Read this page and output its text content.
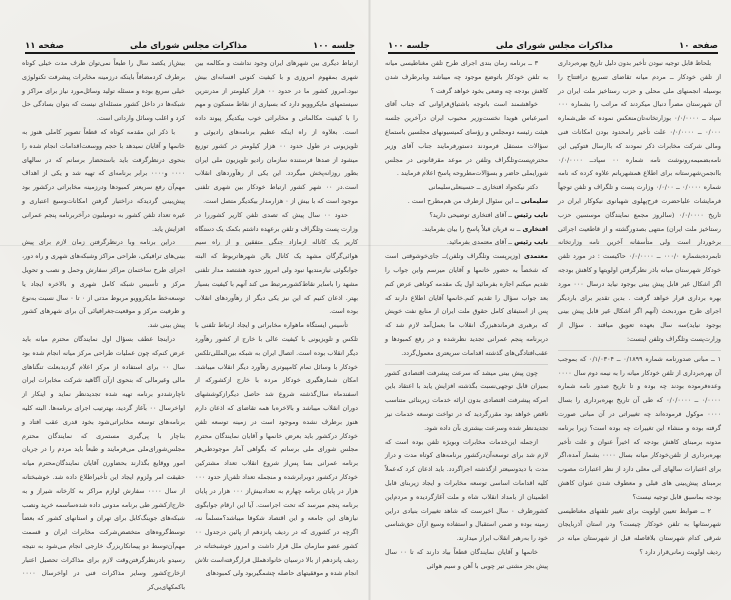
صفحه ۱۱	مذاکرات مجلس شورای ملی	جلسه ۱۰۰

ارتباط دیگری بین شهرهای ایران وجود نداشت و مکالمه بین شهری بمفهوم امروزی و با کیفیت کنونی افسانه‌ای بیش نبود.امروز کشور ما در حدود ۰۰ هزار کیلومتر از مدرنترین سیستمهای مایکروویو دارد که بسیاری از نقاط مسکون و مهم را با کیفیت مکالماتی و مخابراتی خوب بیکدیگر پیوند داده است. بعلاوه از راه اینکه عظیم برنامه‌های رادیوئی و تلویزیونی در طول حدود ۰۰ هزار کیلومتر در کشور توزیع میشود از صدها فرستنده سازمان رادیو تلویزیون ملی ایران بطور روزانه‌پخش میگردد. این یکی از رهآوردهای انقلاب است.در ۰۰ شهر کشور ارتباط خودکار بین شهری تلفنی موجود است که با بیش از ۰ هزارمدار بیکدیگر متصل است.

حدود ۰۰ سال پیش که تصدی تلفن کاریر کشوررا در وزارت پست وتلگراف و تلفن برعهده داشتم بکمک یک دستگاه کاریر یک کاناله ازمازاد جنگی متفقین و از راه سیم هوائی‌گرگان مشهد یک کانال بالن شهرهاتربوط که البته جوابگوئی نیازمندیها نبود ولی امروز حدود هشتصد مدار تلفنی مشهد را باسایر نقاط‌کشورمرتبط می کند آنهم با کیفیت بسیار بهتر. اذعان کنیم که این نیز یکی دیگر از رهآوردهای انقلاب بوده است.

تأسیس ایستگاه ماهواره مخابراتی و ایجاد ارتباط تلفنی با تلکس و تلویزیونی با کیفیت عالی با خارج از کشور رهآورد دیگر انقلاب بوده است. اتصال ایران به شبکه بین‌المللی‌تلکس خودکار با وسائل تمام کامپیوتری رهآورد دیگر انقلاب میباشد. امکان شمارهگیری خودکار مرده با خارج ازکشورکه از اسفندماه سال‌گذشته شروع شد حاصل دیگرازکوششهای دوران انقلاب میباشد و بالاخره‌با همه تقاضای که اذعان دارم هنوز برطرف نشده وموجود است در زمینه توسعه تلفن خودکار درکشور باید بعرض خانمها و آقایان نمایندگان محترم مجلس شورای ملی برسانم که بگواهی آمار موجودطی‌هر برنامه عمرانی بسا پس‌از شروع انقلاب تعداد مشترکین خودکار درکشور دوبرابرشده و منجمله تعداد تلفن‌از حدود ۰۰۰ هزار در پایان برنامه چهارم به تعدادبیش‌از ۰۰۰ هزار در پایان برنامه پنجم میرسد که تحت اجراست. آیا این ارقام جوابگوی نیازهای این جامعه و این اقتصاد شکوفا میباشد؟مسلماً نه، اگرچه در کشوری که در ردیف پانزدهم از پائین درجدول ۰۰ کشور عضو سازمان ملل قرار داشت و امروز خوشبختانه در ردیف پانزدهم از بالا درسیان خانوادهملل قرارگرفته‌است تلاش انجام شده و موفقیتهای حاصله چشمگیربود ولی کمبودهای

بیش‌از یکصد سال را طبعاً نمی‌توان ظرف مدت خیلی کوتاه برطرف کردمضافاً باینکه درزمینه مخابرات پیشرفت تکنولوژی خیلی سریع بوده و مسئله تولید وسائل‌مورد نیاز برای مراکز و شبکه‌ها در داخل کشور مسئله‌ای نیست که بتوان بسادگی حل کرد و اغلب وسائل وارداتی است.

با ذکر این مقدمه کوتاه که قطعاً تصویر کاملی هنوز به خانمها و آقایان نمیدهد با حجم ووسعت‌اقدامات انجام شده را بنحوی درنظرگرفت باید باستحضار برسانم که در سالهای ۰۰۰۰ و۰۰۰۰ برابر برنامه‌ای که تهیه شد و یکی از اهداف مهم‌آن رفع سریعتر کمبودها ودرزمینه مخابراتی درکشور بود پیش‌بینی گردیدکه دراختیار گرفتن امکانات‌وسیع اعتباری و غیره تعداد تلفن کشور به دومیلیون درآخربرنامه پنجم عمرانی افزایش یابد.

دراین برنامه وبا درنظرگرفتن زمان لازم برای پیش بینی‌های ترافیکی، طراحی مراکز وشبکه‌های شهری و راه دور، اجرای طرح ساختمان مراکز سفارش وحمل و نصب و تحویل مرکز و تأسیس شبکه کامل شهری و بالاخره ایجاد یا توسعه‌خط مایکروویو مربوط مدتی از ۰ تا ۰ سال نسبت به‌نوع و ظرفیت مرکز و موقعیت‌جغرافیائی آن برای شهرهای کشور پیش بینی شد.

دراینجا عطف بسؤال اول نمایندگان محترم میانه باید عرض کنم‌که چون عملیات طراحی مرکز میانه انجام شده بود سال ۰۰ برای استفاده از مرکز اعلام گردید‌بعلت تنگناهای مالی وغیرمالی که بنحوی ازآن آگاهید شرکت مخابرات ایران ناچارشد‌دو برنامه تهیه شده تجدیدنظر نماید و اینکار از اواخرسال ۰۰ بآغاز گردید، بهترتیب اجرای برنامه‌ها. البته کلیه برنامه‌های توسعه مخابراتی‌شود بخود قدری عقب افتاد و بناچار با پی‌گیری مستمری که نمایندگان محترم مجلس‌شورای‌ملی می‌فرمایند و طبعاً باید مردم را در جریان امور ووقایع بگذارند بحضاورن آقایان نمایندگان‌محترم میانه حقیقت امر ولزوم ایجاد این تأخیراطلاع داده شد. خوشبختانه از سال ۰۰۰۰ سفارش لوازم مراکز به کارخانه شیراز و به خارج‌ازکشور طی برنامه مدونی داده شده‌ساسمه خرید ونصب شبکه‌های جوینگ‌کابل برای تهران و استانهای کشور که بعضاً توسط‌گروه‌های متخصص‌شرکت مخابرات ایران و قسمت مهم‌آن‌توسط دو پیمانکاربزرگ خارجی انجام می‌شود به نتیجه رسیدو بادرنظرگرفتن‌وقت لازم برای مذاکرات تحصیل اعتبار ازخارج‌کشور وسایر مذاکرات فنی در اواخرسال ۰۰۰۰ باکمکهای‌بی‌کر

جلسه ۱۰۰	مذاکرات مجلس شورای ملی	صفحه ۱۰

بلحاظ قابل توجیه نبودن تأخیر بدون دلیل تاریخ بهره‌برداری از تلفن خودکار ــ مردم میانه تقاضای تسریع درافتتاح را بوسیله انجمنهای ملی محلی و حزب رستاخیز ملت ایران در آن شهرستان مصراً دنبال میکردند که مراتب را بشماره ۰۰۰ سپاد ــ ۰/۰/۰۰۰۰ بوزارتخانه‌تان‌منعکس نموده که طی‌شماره ۰/۰۰۰ ــ ۰/۰/۰۰۰۰ علت تأخیر رامحدود بودن امکانات فنی ومالی شرکت مخابرات ذکر نمودند که باارسال فتوکپی این نامه‌بضمیمه‌رونوشت نامه شماره ۰۰ سپاد‌ــ ۰/۰/۰۰۰۰ باانجمن‌شهرستانه برای اطلاع همشهریانم علاوه کرده که نامه شماره ۰/۰۰۰۰ ــ ۰/۰/۰۰ وزارت پست و تلگراف و تلفن توجهاً فرمایشات علیاحضرت فرح‌پهلوی شهبانوی نیکوکار ایران در تاریخ ۰/۰/۰۰۰۰ (سالروز مجمع نمایندگان موسسین حزب رستاخیز ملت ایران) منتهی بصدورگشته و از قاطعیت اجرائی برخوردار است ولی متأسفانه آخرین نامه وزارتخانه تابمرده‌بشماره ۰۰۰/۰ ــ ۰/۰/۰۰۰۰ حاکیست : در مورد تلفن خودکار شهرستان میانه باذر نظرگرفتن اولویتها و کاهش بودجه اگر اشکال غیر قابل پیش بینی بوجود نیاید درسال ۰۰۰ مورد بهره برداری قرار خواهد گرفت . بدین تقدیر برای باردیگر اجرای طرح موردبحث (آنهم اگر اشکال غیر قابل پیش بینی بوجود نیاید)سه سال بعهده تعویق میافتد . سؤال از وزارت‌پست وتلگراف وتلفن اینست:

۱ ــ مبانی صدورنامه شماره ۰/۱۸۹۹ ــ ۰/۱/۰۳۰۴ که بموجب آن بهره‌برداری از تلفن خودکار میانه را به نیمه دوم سال ۰۰۰۰ وعده‌فرموده بودند چه بوده و تا تاریخ صدور نامه شماره ۰/۰۰۰۰ ــ ۰/۰/۰۰۰۰ که طی آن تاریخ بهره‌برداری را بسال ۰۰۰۰ موکول فرموده‌اند چه تغییراتی در آن مبانی صورت گرفته بوده و منشاء این تغییرات چه بوده است؟ زیرا برنامه مدونه برمبنای کاهش بودجه که اخیراً عنوان و علت تأخیر بهره‌برداری از تلفن‌خودکار میانه بسال ۰۰۰۰ بشمار آمده،اگر برای اعتبارات سالهای آتی معلی دارد از نظر اعتبارات مصوب برمبنای پیش‌بینی های قبلی و معطوف شدن عنوان کاهش بودجه بماسبق قابل توجیه نیست؟

۲ ــ ضوابط تعیین اولویت برای تغییر تلفنهای مغناطیسی شهرستانها به تلفن خودکار چیست؟ ودر استان آذربایجان شرقی کدام شهرستان بلافاصله قبل از شهرستان میانه در ردیف اولویت زمانی‌قرار دارد ؟

۳ ــ برنامه زمان بندی اجرای طرح تلفن مغناطیسی میانه به تلفن خودکار باتوضع موجود چه میباشد وبابرطرف شدن کاهش بودجه چه وضعی بخود خواهد گرفت ؟

خواهشمند است باتوجه باشتیاق‌فراوانی که جناب آقای امیرعباس هویدا نخست‌وزیر محبوب ایران درآخرین جلسه هیئت رئیسه دومجلس و رؤسای کمیسیونهای مجلسین باستماع سؤالات مستقل فرمودند دستورفرمایند جناب آقای وزیر محترم‌پست‌وتلگراف وتلفن در موعد مقرقانونی در مجلس شورایملی حاضر و بسؤالات‌مطروحه پاسخ اعلام فرمایند .

دکتر نیکجواد افتخاری ــ حسینعلی‌سلیمانی

سلیمانی ــ این سئوال ازطرف من هم‌مطرح است .

نایب رئیس ــ آقای افتخاری توضیحی دارید؟

افتخاری ــ نه قربان قبلاً پاسخ را بیان بفرمایند.

نایب رئیس ــ آقای معتمدی بفرمائید.

معتمدی (وزیرپست وتلگراف وتلفن)ــ جای‌خوشوقتی است که شخصاً به حضور خانمها و آقایان میرسم واین جواب را تقدیم میکنم اجازه بفرمائید اول یک مقدمه کوتاهی عرض کنم بعد جواب سؤال را تقدیم کنم.خانمها آقایان اطلاع دارند که پس از استیفای کامل حقوق ملت ایران از منابع نفت خویش که برهبری فرماندهبزرگ انقلاب ما بعمل‌آمد لازم شد که دربرنامه پنجم عمرانی تجدید نظرشده و در رفع کمبودها و عقب‌افتادگی‌های گذشته اقدامات سریعتری معمول‌گردد.

چون پیش بینی میشد که سرعت پیشرفت اقتصادی کشور بمیزان قابل توجهی‌نسبت بگذشته افزایش یابد با اعتقاد باین امرکه پیشرفت اقتصادی بدون ارائه خدمات زیربنائی متناسب ناقص خواهد بود مقررگردید که در تواخت توسعه خدمات نیز تجدیدنظر شده وسرعت بیشتری بآن داده شود.

ازجمله این‌خدمات مخابرات وبویژه تلفن بوده است که لازم شد برای توسعه‌آن‌درکشور برنامه‌های کوتاه مدت و دراز مدت با دیدوسیعتر ازگذشته اجراگردد. باید اذعان کرد که‌عملاً کلیه اقدامات اساسی توسعه مخابرات و ایجاد زیربنای قابل اطمینان از بامداد انقلاب شاه و ملت آغازگردیده و مردم‌این کشورظرف ۰ سال اخیرست که شاهد تغییرات بنیادی دراین زمینه بوده و ضمن استقبال و استفاده وسیع ازآن حق‌شناسی خود را به‌رهبر انقلاب ابراز میدارند.

خانمها و آقایان نمایندگان قطعاً بیاد دارند که تا ۰۰ سال پیش بجز مشتی تیر چوبی با آهن و سیم هوائی
